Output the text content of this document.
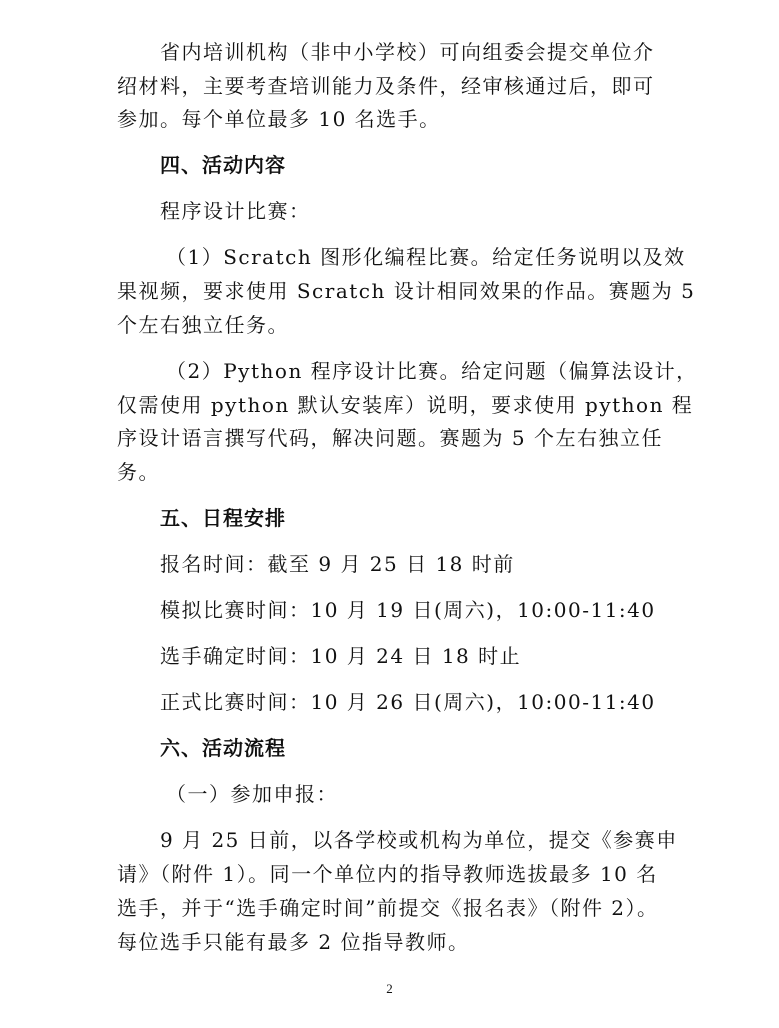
省内培训机构（非中小学校）可向组委会提交单位介
绍材料，主要考查培训能力及条件，经审核通过后，即可
参加。每个单位最多 10 名选手。
四、活动内容
程序设计比赛：
（1）Scratch 图形化编程比赛。给定任务说明以及效
果视频，要求使用 Scratch 设计相同效果的作品。赛题为 5
个左右独立任务。
（2）Python 程序设计比赛。给定问题（偏算法设计，
仅需使用 python 默认安装库）说明，要求使用 python 程
序设计语言撰写代码，解决问题。赛题为 5 个左右独立任
务。
五、日程安排
报名时间：截至 9 月 25 日 18 时前
模拟比赛时间：10 月 19 日(周六)，10:00-11:40
选手确定时间：10 月 24 日 18 时止
正式比赛时间：10 月 26 日(周六)，10:00-11:40
六、活动流程
（一）参加申报：
9 月 25 日前，以各学校或机构为单位，提交《参赛申
请》（附件 1）。同一个单位内的指导教师选拔最多 10 名
选手，并于“选手确定时间”前提交《报名表》（附件 2）。
每位选手只能有最多 2 位指导教师。
2
